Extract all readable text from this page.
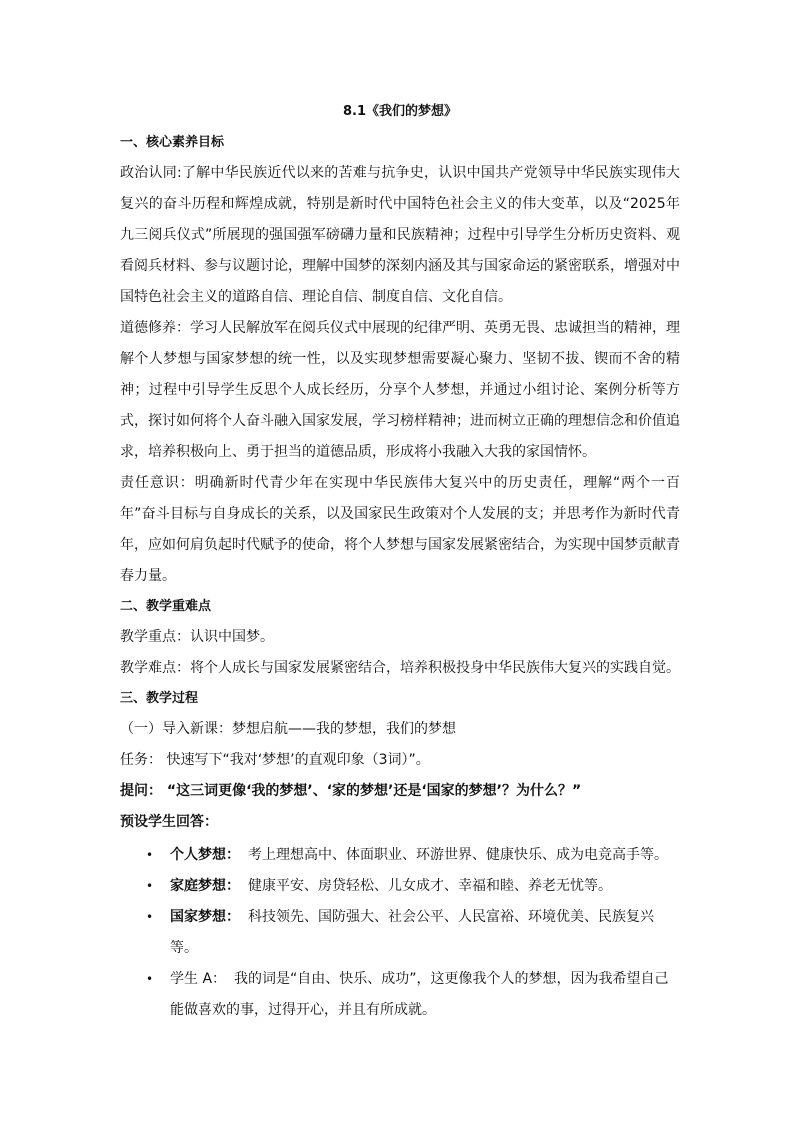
8.1《我们的梦想》
一、核心素养目标
政治认同:了解中华民族近代以来的苦难与抗争史，认识中国共产党领导中华民族实现伟大复兴的奋斗历程和辉煌成就，特别是新时代中国特色社会主义的伟大变革，以及“2025年九三阅兵仪式”所展现的强国强军磅礴力量和民族精神；过程中引导学生分析历史资料、观看阅兵材料、参与议题讨论，理解中国梦的深刻内涵及其与国家命运的紧密联系，增强对中国特色社会主义的道路自信、理论自信、制度自信、文化自信。
道德修养：学习人民解放军在阅兵仪式中展现的纪律严明、英勇无畏、忠诚担当的精神，理解个人梦想与国家梦想的统一性，以及实现梦想需要凝心聚力、坚韧不拔、锲而不舍的精神；过程中引导学生反思个人成长经历，分享个人梦想，并通过小组讨论、案例分析等方式，探讨如何将个人奋斗融入国家发展，学习榜样精神；进而树立正确的理想信念和价值追求，培养积极向上、勇于担当的道德品质，形成将小我融入大我的家国情怀。
责任意识：明确新时代青少年在实现中华民族伟大复兴中的历史责任，理解“两个一百年”奋斗目标与自身成长的关系，以及国家民生政策对个人发展的支；并思考作为新时代青年，应如何肩负起时代赋予的使命，将个人梦想与国家发展紧密结合，为实现中国梦贡献青春力量。
二、教学重难点
教学重点：认识中国梦。
教学难点：将个人成长与国家发展紧密结合，培养积极投身中华民族伟大复兴的实践自觉。
三、教学过程
（一）导入新课：梦想启航——我的梦想，我们的梦想
任务： 快速写下“我对‘梦想’的直观印象（3词）”。
提问： “这三词更像‘我的梦想’、‘家的梦想’还是‘国家的梦想’？为什么？”
预设学生回答：
• 个人梦想： 考上理想高中、体面职业、环游世界、健康快乐、成为电竞高手等。
• 家庭梦想： 健康平安、房贷轻松、儿女成才、幸福和睦、养老无忧等。
• 国家梦想： 科技领先、国防强大、社会公平、人民富裕、环境优美、民族复兴等。
• 学生 A： 我的词是“自由、快乐、成功”，这更像我个人的梦想，因为我希望自己能做喜欢的事，过得开心，并且有所成就。
